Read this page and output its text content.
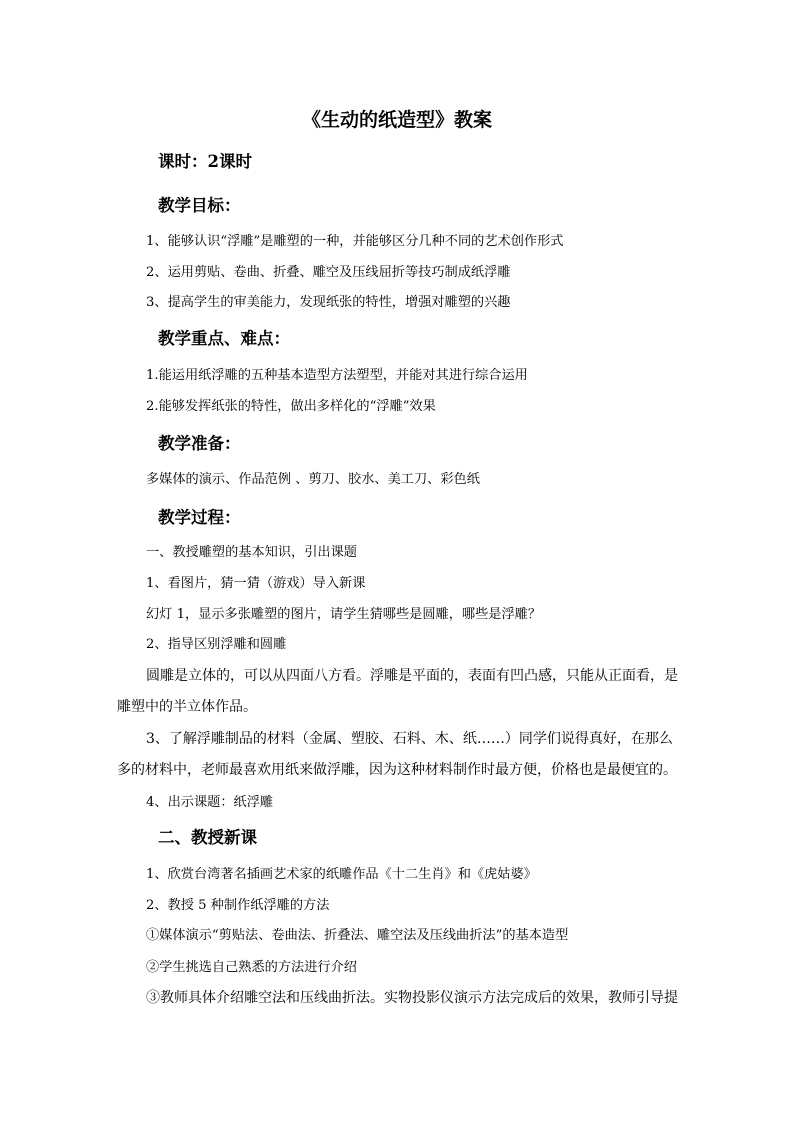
《生动的纸造型》教案
课时：2课时
教学目标：
1、能够认识“浮雕”是雕塑的一种，并能够区分几种不同的艺术创作形式
2、运用剪贴、卷曲、折叠、雕空及压线屈折等技巧制成纸浮雕
3、提高学生的审美能力，发现纸张的特性，增强对雕塑的兴趣
教学重点、难点：
1.能运用纸浮雕的五种基本造型方法塑型，并能对其进行综合运用
2.能够发挥纸张的特性，做出多样化的“浮雕”效果
教学准备：
多媒体的演示、作品范例 、剪刀、胶水、美工刀、彩色纸
教学过程：
一、教授雕塑的基本知识，引出课题
1、看图片，猜一猜（游戏）导入新课
幻灯 1，显示多张雕塑的图片，请学生猜哪些是圆雕，哪些是浮雕？
2、指导区别浮雕和圆雕
圆雕是立体的，可以从四面八方看。浮雕是平面的，表面有凹凸感，只能从正面看，是
雕塑中的半立体作品。
3、了解浮雕制品的材料（金属、塑胶、石料、木、纸……）同学们说得真好，在那么
多的材料中，老师最喜欢用纸来做浮雕，因为这种材料制作时最方便，价格也是最便宜的。
4、出示课题：纸浮雕
二、教授新课
1、欣赏台湾著名插画艺术家的纸雕作品《十二生肖》和《虎姑婆》
2、教授 5 种制作纸浮雕的方法
①媒体演示“剪贴法、卷曲法、折叠法、雕空法及压线曲折法”的基本造型
②学生挑选自己熟悉的方法进行介绍
③教师具体介绍雕空法和压线曲折法。实物投影仪演示方法完成后的效果，教师引导提
